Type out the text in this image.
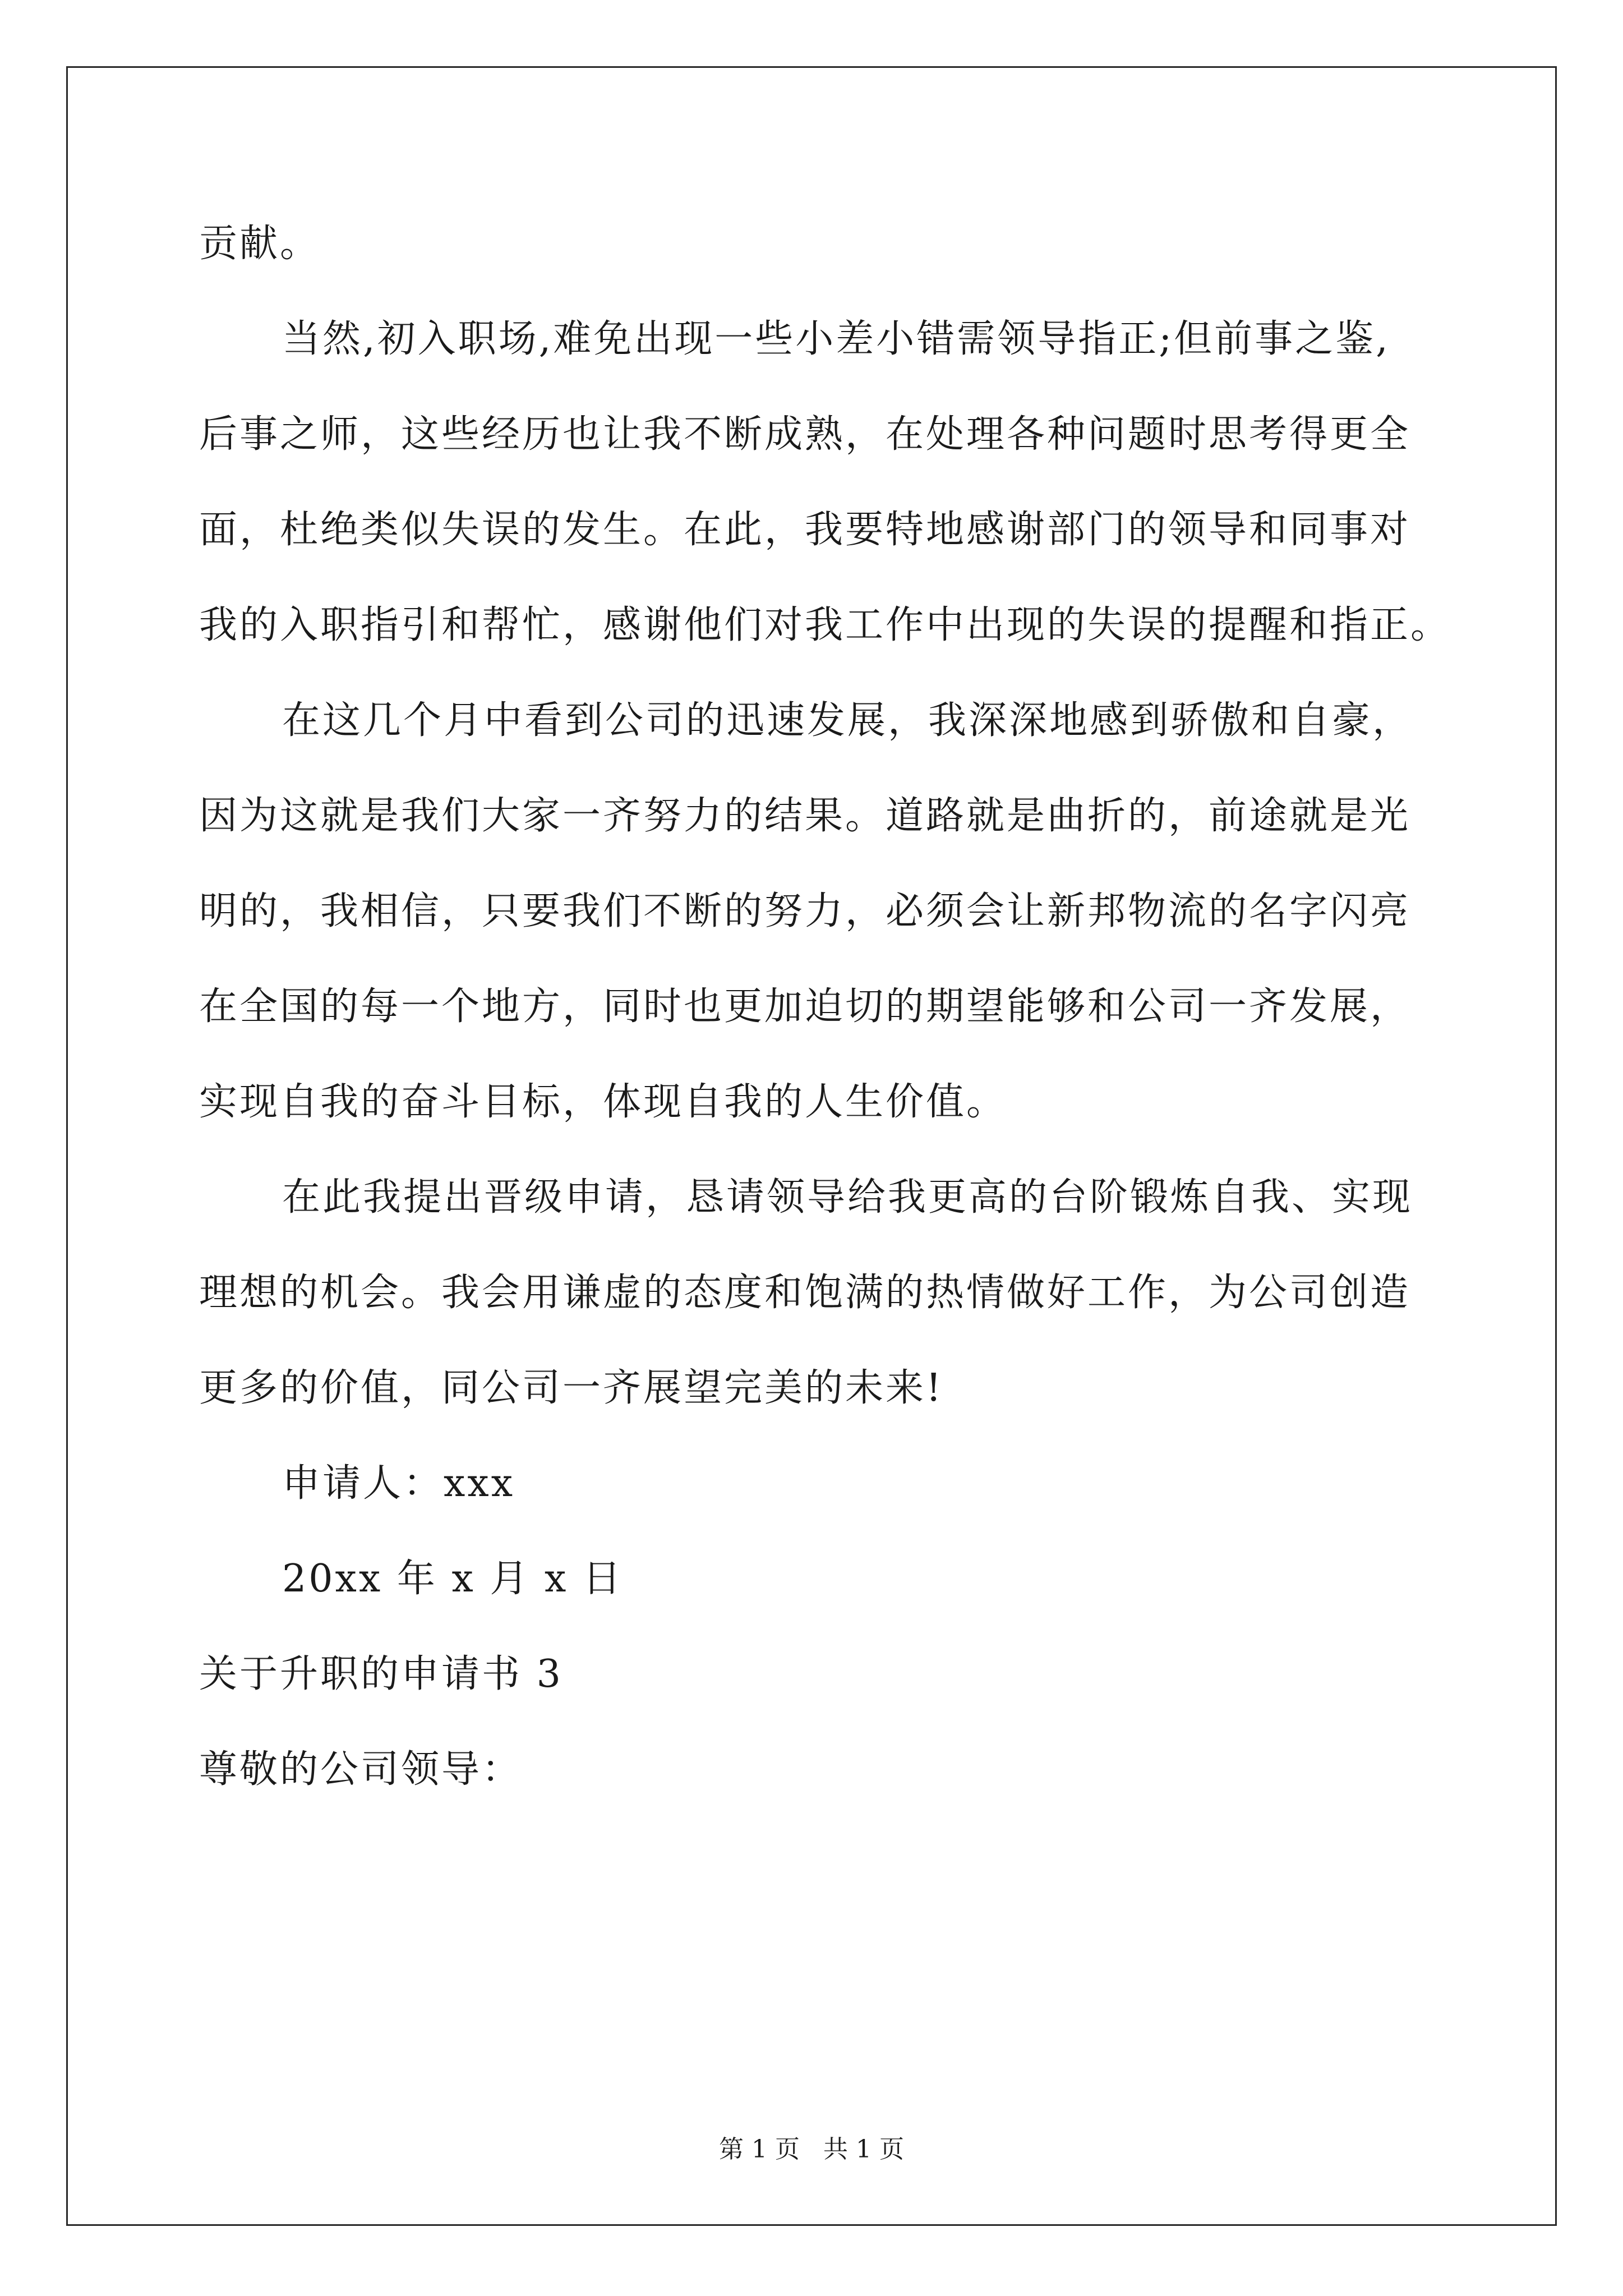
贡献。
当然,初入职场,难免出现一些小差小错需领导指正;但前事之鉴,
后事之师，这些经历也让我不断成熟，在处理各种问题时思考得更全
面，杜绝类似失误的发生。在此，我要特地感谢部门的领导和同事对
我的入职指引和帮忙，感谢他们对我工作中出现的失误的提醒和指正。
在这几个月中看到公司的迅速发展，我深深地感到骄傲和自豪，
因为这就是我们大家一齐努力的结果。道路就是曲折的，前途就是光
明的，我相信，只要我们不断的努力，必须会让新邦物流的名字闪亮
在全国的每一个地方，同时也更加迫切的期望能够和公司一齐发展，
实现自我的奋斗目标，体现自我的人生价值。
在此我提出晋级申请，恳请领导给我更高的台阶锻炼自我、实现
理想的机会。我会用谦虚的态度和饱满的热情做好工作，为公司创造
更多的价值，同公司一齐展望完美的未来!
申请人：xxx
20xx 年 x 月 x 日
关于升职的申请书 3
尊敬的公司领导：
第 1 页   共 1 页
